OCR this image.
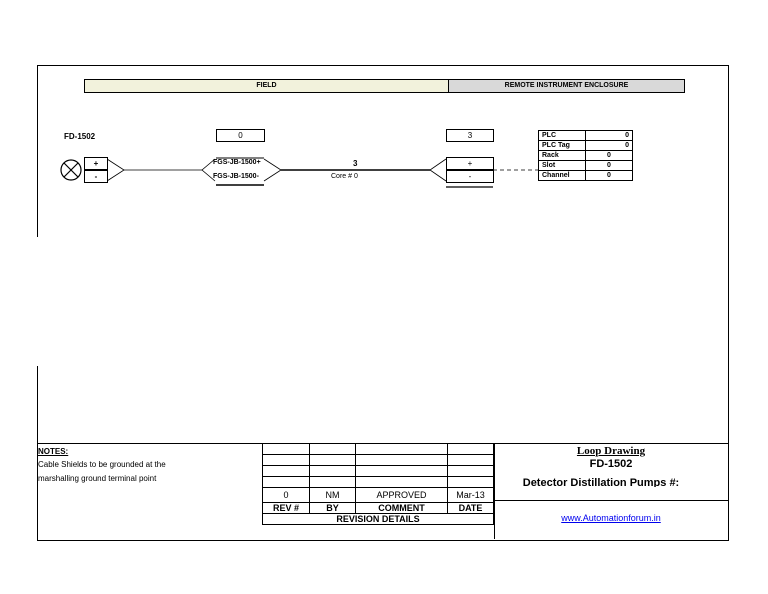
FIELD	REMOTE INSTRUMENT ENCLOSURE
FD-1502
+
-
0
FGS-JB-1500+
FGS-JB-1500-
3
Core # 0
3
+
-
PLC	0
PLC Tag	0
Rack	0
Slot	0
Channel	0
NOTES:
Cable Shields to be grounded at the
marshalling ground terminal point

0	NM	APPROVED	Mar-13
REV #	BY	COMMENT	DATE
REVISION DETAILS			
Loop Drawing
FD-1502
Detector Distillation Pumps #:
www.Automationforum.in
